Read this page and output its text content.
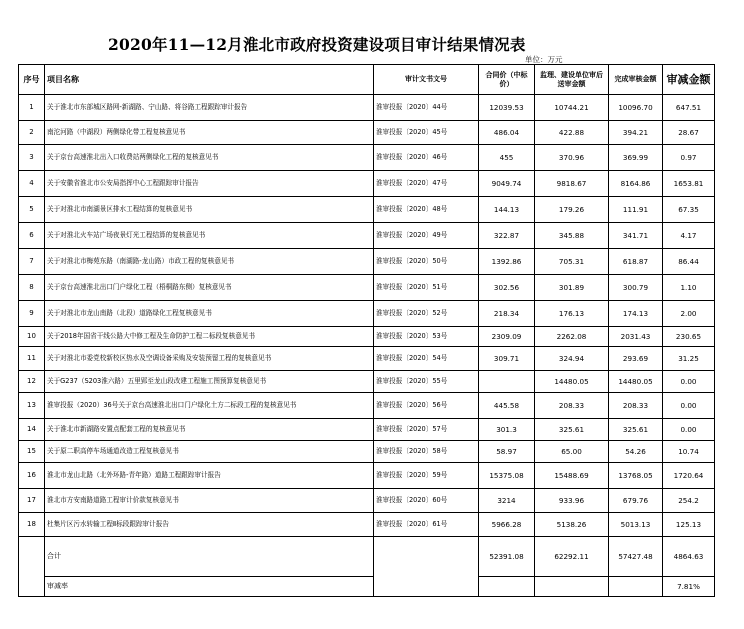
2020年11—12月淮北市政府投资建设项目审计结果情况表
单位：万元
序号	项目名称	审计文书文号	合同价（中标价）	监理、建设单位审后送审金额	完成审核金额	审减金额
1	关于淮北市东部城区路网-新湖路、宁山路、将谷路工程跟踪审计报告	淮审投报〔2020〕44号	12039.53	10744.21	10096.70	647.51
2	南沱河路（中湖段）两侧绿化带工程复核意见书	淮审投报〔2020〕45号	486.04	422.88	394.21	28.67
3	关于京台高速淮北出入口收费站两侧绿化工程的复核意见书	淮审投报〔2020〕46号	455	370.96	369.99	0.97
4	关于安徽省淮北市公安局指挥中心工程跟踪审计报告	淮审投报〔2020〕47号	9049.74	9818.67	8164.86	1653.81
5	关于对淮北市南湖景区排水工程结算的复核意见书	淮审投报〔2020〕48号	144.13	179.26	111.91	67.35
6	关于对淮北火车站广场夜景灯光工程结算的复核意见书	淮审投报〔2020〕49号	322.87	345.88	341.71	4.17
7	关于对淮北市梅苑东路（南湖路-龙山路）市政工程的复核意见书	淮审投报〔2020〕50号	1392.86	705.31	618.87	86.44
8	关于京台高速淮北出口门户绿化工程（梧桐路东侧）复核意见书	淮审投报〔2020〕51号	302.56	301.89	300.79	1.10
9	关于对淮北市龙山南路（北段）道路绿化工程复核意见书	淮审投报〔2020〕52号	218.34	176.13	174.13	2.00
10	关于2018年国省干线公路大中修工程及生命防护工程二标段复核意见书	淮审投报〔2020〕53号	2309.09	2262.08	2031.43	230.65
11	关于对淮北市委党校新校区热水及空调设备采购及安装预留工程的复核意见书	淮审投报〔2020〕54号	309.71	324.94	293.69	31.25
12	关于G237（S203淮六路）五里郢至龙山段改建工程施工图预算复核意见书	淮审投报〔2020〕55号		14480.05	14480.05	0.00
13	淮审投报（2020）36号关于京台高速淮北出口门户绿化土方二标段工程的复核意见书	淮审投报〔2020〕56号	445.58	208.33	208.33	0.00
14	关于淮北市新湖路安置点配套工程的复核意见书	淮审投报〔2020〕57号	301.3	325.61	325.61	0.00
15	关于原二职高停车场通道改造工程复核意见书	淮审投报〔2020〕58号	58.97	65.00	54.26	10.74
16	淮北市龙山北路（北外环路-青年路）道路工程跟踪审计报告	淮审投报〔2020〕59号	15375.08	15488.69	13768.05	1720.64
17	淮北市方安南路道路工程审计价款复核意见书	淮审投报〔2020〕60号	3214	933.96	679.76	254.2
18	杜集片区污水转输工程Ⅱ标段跟踪审计报告	淮审投报〔2020〕61号	5966.28	5138.26	5013.13	125.13
	合计		52391.08	62292.11	57427.48	4864.63
	审减率					7.81%
